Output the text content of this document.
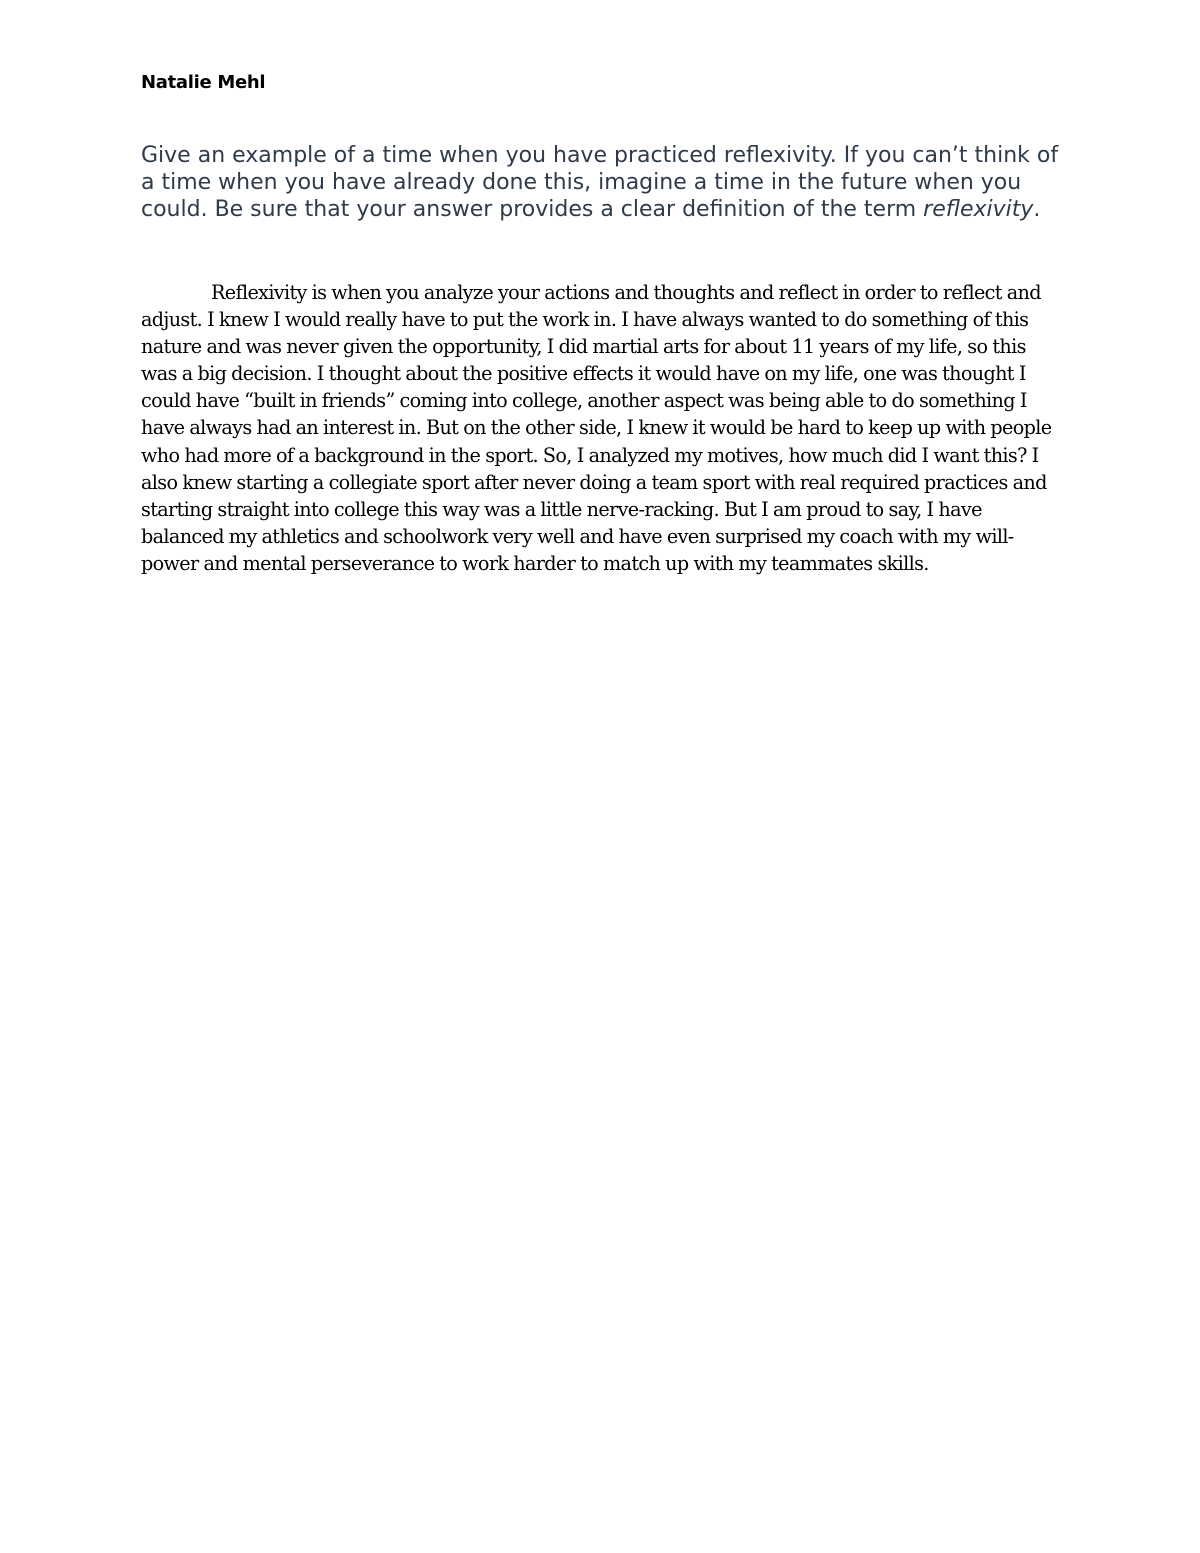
Natalie Mehl

Give an example of a time when you have practiced reflexivity. If you can’t think of a time when you have already done this, imagine a time in the future when you could. Be sure that your answer provides a clear definition of the term reflexivity.

Reflexivity is when you analyze your actions and thoughts and reflect in order to reflect and adjust. I knew I would really have to put the work in. I have always wanted to do something of this nature and was never given the opportunity, I did martial arts for about 11 years of my life, so this was a big decision. I thought about the positive effects it would have on my life, one was thought I could have “built in friends” coming into college, another aspect was being able to do something I have always had an interest in. But on the other side, I knew it would be hard to keep up with people who had more of a background in the sport. So, I analyzed my motives, how much did I want this? I also knew starting a collegiate sport after never doing a team sport with real required practices and starting straight into college this way was a little nerve-racking. But I am proud to say, I have balanced my athletics and schoolwork very well and have even surprised my coach with my will-power and mental perseverance to work harder to match up with my teammates skills.
